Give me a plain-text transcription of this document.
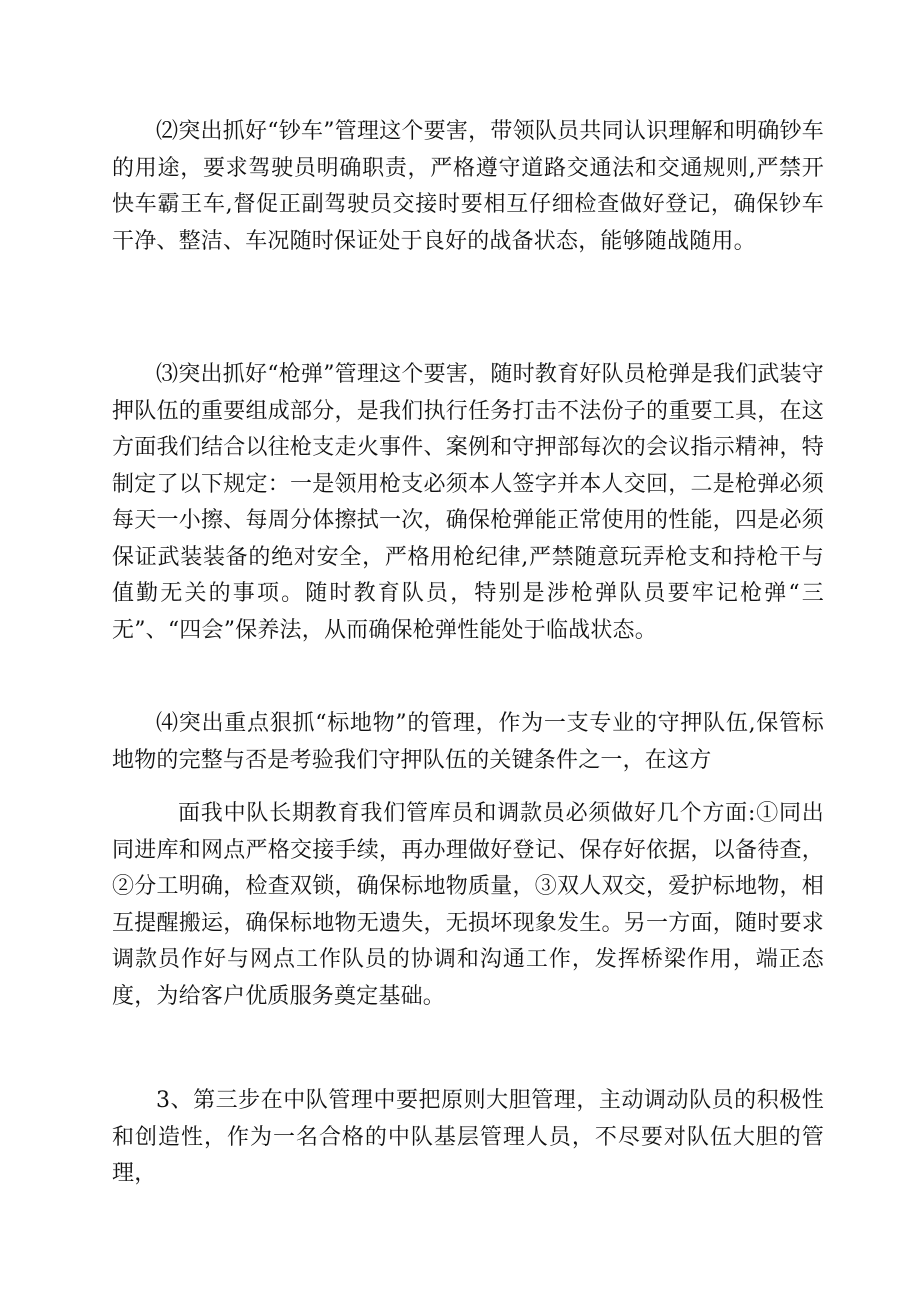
⑵突出抓好“钞车”管理这个要害，带领队员共同认识理解和明确钞车的用途，要求驾驶员明确职责，严格遵守道路交通法和交通规则,严禁开快车霸王车,督促正副驾驶员交接时要相互仔细检查做好登记，确保钞车干净、整洁、车况随时保证处于良好的战备状态，能够随战随用。

⑶突出抓好“枪弹”管理这个要害，随时教育好队员枪弹是我们武装守押队伍的重要组成部分，是我们执行任务打击不法份子的重要工具，在这方面我们结合以往枪支走火事件、案例和守押部每次的会议指示精神，特制定了以下规定：一是领用枪支必须本人签字并本人交回，二是枪弹必须每天一小擦、每周分体擦拭一次，确保枪弹能正常使用的性能，四是必须保证武装装备的绝对安全，严格用枪纪律,严禁随意玩弄枪支和持枪干与值勤无关的事项。随时教育队员，特别是涉枪弹队员要牢记枪弹“三无”、“四会”保养法，从而确保枪弹性能处于临战状态。

⑷突出重点狠抓“标地物”的管理，作为一支专业的守押队伍,保管标地物的完整与否是考验我们守押队伍的关键条件之一，在这方

面我中队长期教育我们管库员和调款员必须做好几个方面:①同出同进库和网点严格交接手续，再办理做好登记、保存好依据，以备待查，②分工明确，检查双锁，确保标地物质量，③双人双交，爱护标地物，相互提醒搬运，确保标地物无遗失，无损坏现象发生。另一方面，随时要求调款员作好与网点工作队员的协调和沟通工作，发挥桥梁作用，端正态度，为给客户优质服务奠定基础。

3、第三步在中队管理中要把原则大胆管理，主动调动队员的积极性和创造性，作为一名合格的中队基层管理人员，不尽要对队伍大胆的管理，
